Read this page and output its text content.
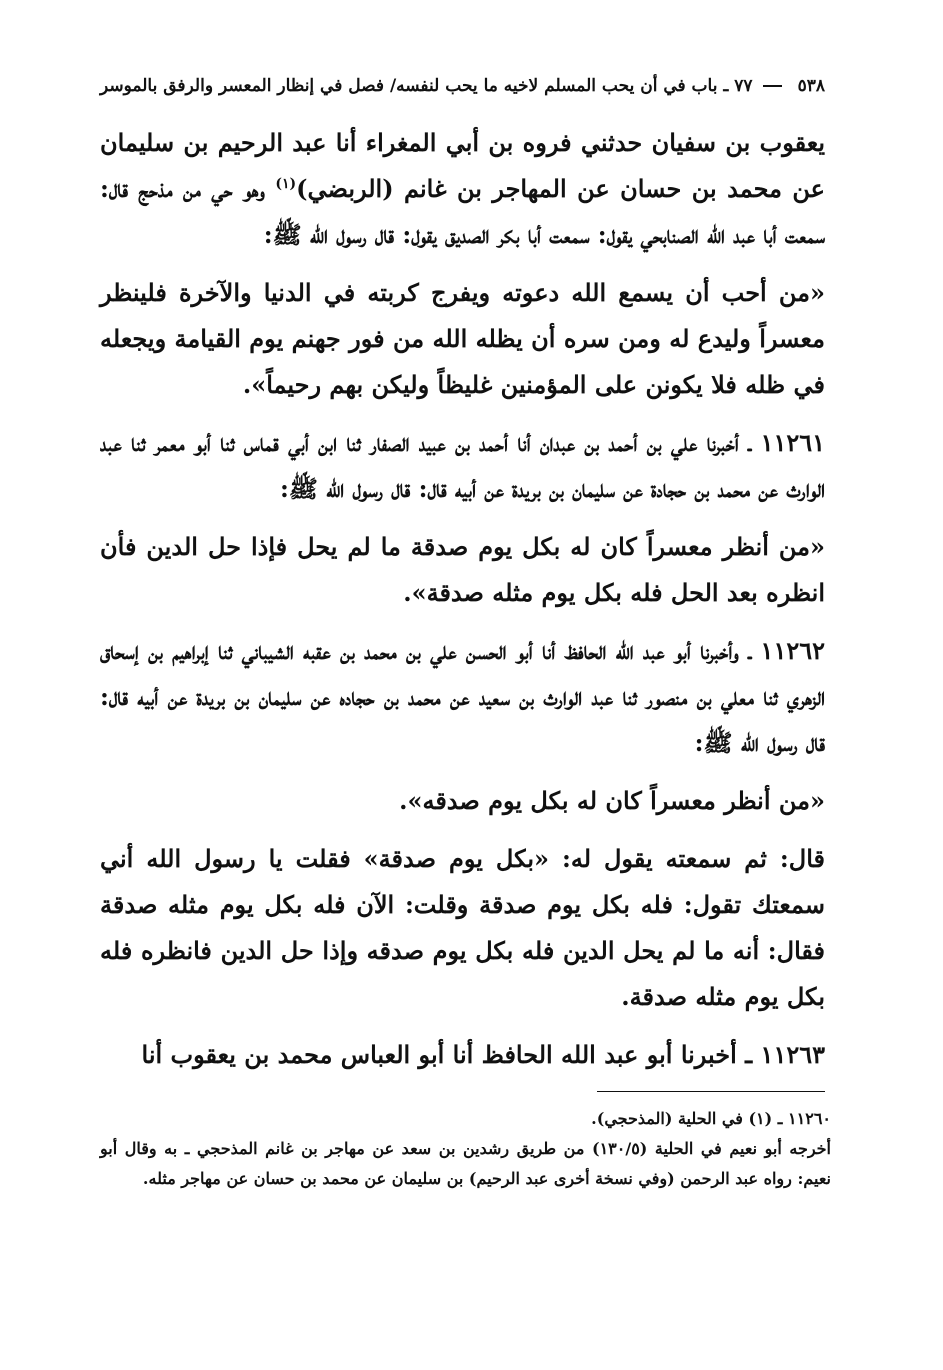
٥٣٨
٧٧ ـ باب في أن يحب المسلم لاخيه ما يحب لنفسه/ فصل في إنظار المعسر والرفق بالموسر

يعقوب بن سفيان حدثني فروه بن أبي المغراء أنا عبد الرحيم بن سليمان عن محمد بن حسان عن المهاجر بن غانم (الربضي)$^{(١)}$ وهو حي من مذحج قال: سمعت أبا عبد الله الصنابحي يقول: سمعت أبا بكر الصديق يقول: قال رسول الله ﷺ:

«من أحب أن يسمع الله دعوته ويفرج كربته في الدنيا والآخرة فلينظر معسراً وليدع له ومن سره أن يظله الله من فور جهنم يوم القيامة ويجعله في ظله فلا يكونن على المؤمنين غليظاً وليكن بهم رحيماً».

١١٢٦١ ـ أخبرنا علي بن أحمد بن عبدان أنا أحمد بن عبيد الصفار ثنا ابن أبي قماس ثنا أبو معمر ثنا عبد الوارث عن محمد بن حجادة عن سليمان بن بريدة عن أبيه قال: قال رسول الله ﷺ:

«من أنظر معسراً كان له بكل يوم صدقة ما لم يحل فإذا حل الدين فأن انظره بعد الحل فله بكل يوم مثله صدقة».

١١٢٦٢ ـ وأخبرنا أبو عبد الله الحافظ أنا أبو الحسن علي بن محمد بن عقبه الشيباني ثنا إبراهيم بن إسحاق الزهري ثنا معلي بن منصور ثنا عبد الوارث بن سعيد عن محمد بن حجاده عن سليمان بن بريدة عن أبيه قال: قال رسول الله ﷺ:

«من أنظر معسراً كان له بكل يوم صدقه».

قال: ثم سمعته يقول له: «بكل يوم صدقة» فقلت يا رسول الله أني سمعتك تقول: فله بكل يوم صدقة وقلت: الآن فله بكل يوم مثله صدقة فقال: أنه ما لم يحل الدين فله بكل يوم صدقه وإذا حل الدين فانظره فله بكل يوم مثله صدقة.

١١٢٦٣ ـ أخبرنا أبو عبد الله الحافظ أنا أبو العباس محمد بن يعقوب أنا

١١٢٦٠ ـ (١) في الحلية (المذحجي).

أخرجه أبو نعيم في الحلية (١٣٠/٥) من طريق رشدين بن سعد عن مهاجر بن غانم المذحجي ـ به وقال أبو نعيم: رواه عبد الرحمن (وفي نسخة أخرى عبد الرحيم) بن سليمان عن محمد بن حسان عن مهاجر مثله.
